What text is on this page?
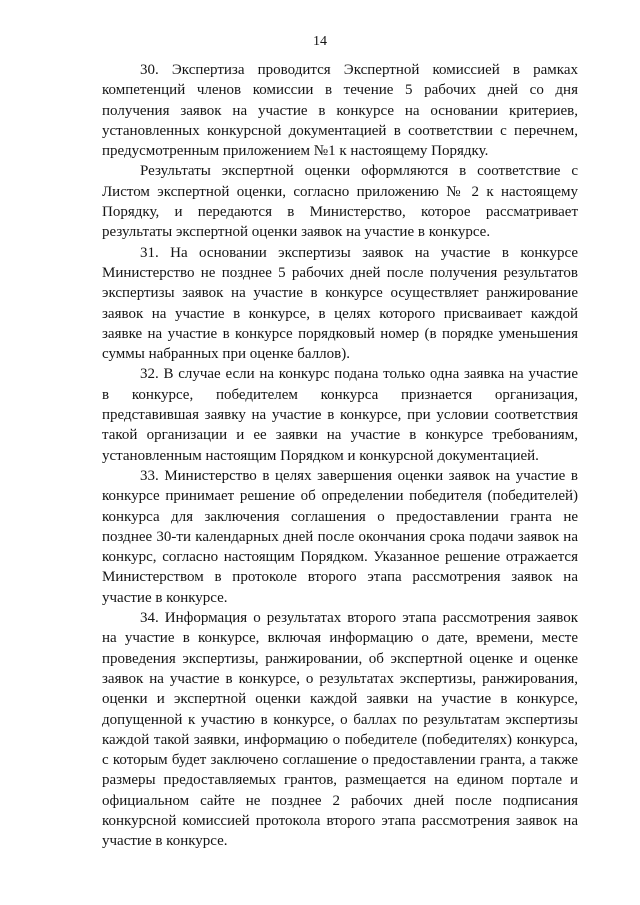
14

30. Экспертиза проводится Экспертной комиссией в рамках компетенций членов комиссии в течение 5 рабочих дней со дня получения заявок на участие в конкурсе на основании критериев, установленных конкурсной документацией в соответствии с перечнем, предусмотренным приложением №1 к настоящему Порядку.

Результаты экспертной оценки оформляются в соответствие с Листом экспертной оценки, согласно приложению № 2 к настоящему Порядку, и передаются в Министерство, которое рассматривает результаты экспертной оценки заявок на участие в конкурсе.

31. На основании экспертизы заявок на участие в конкурсе Министерство не позднее 5 рабочих дней после получения результатов экспертизы заявок на участие в конкурсе осуществляет ранжирование заявок на участие в конкурсе, в целях которого присваивает каждой заявке на участие в конкурсе порядковый номер (в порядке уменьшения суммы набранных при оценке баллов).

32. В случае если на конкурс подана только одна заявка на участие в конкурсе, победителем конкурса признается организация, представившая заявку на участие в конкурсе, при условии соответствия такой организации и ее заявки на участие в конкурсе требованиям, установленным настоящим Порядком и конкурсной документацией.

33. Министерство в целях завершения оценки заявок на участие в конкурсе принимает решение об определении победителя (победителей) конкурса для заключения соглашения о предоставлении гранта не позднее 30-ти календарных дней после окончания срока подачи заявок на конкурс, согласно настоящим Порядком. Указанное решение отражается Министерством в протоколе второго этапа рассмотрения заявок на участие в конкурсе.

34. Информация о результатах второго этапа рассмотрения заявок на участие в конкурсе, включая информацию о дате, времени, месте проведения экспертизы, ранжировании, об экспертной оценке и оценке заявок на участие в конкурсе, о результатах экспертизы, ранжирования, оценки и экспертной оценки каждой заявки на участие в конкурсе, допущенной к участию в конкурсе, о баллах по результатам экспертизы каждой такой заявки, информацию о победителе (победителях) конкурса, с которым будет заключено соглашение о предоставлении гранта, а также размеры предоставляемых грантов, размещается на едином портале и официальном сайте не позднее 2 рабочих дней после подписания конкурсной комиссией протокола второго этапа рассмотрения заявок на участие в конкурсе.
